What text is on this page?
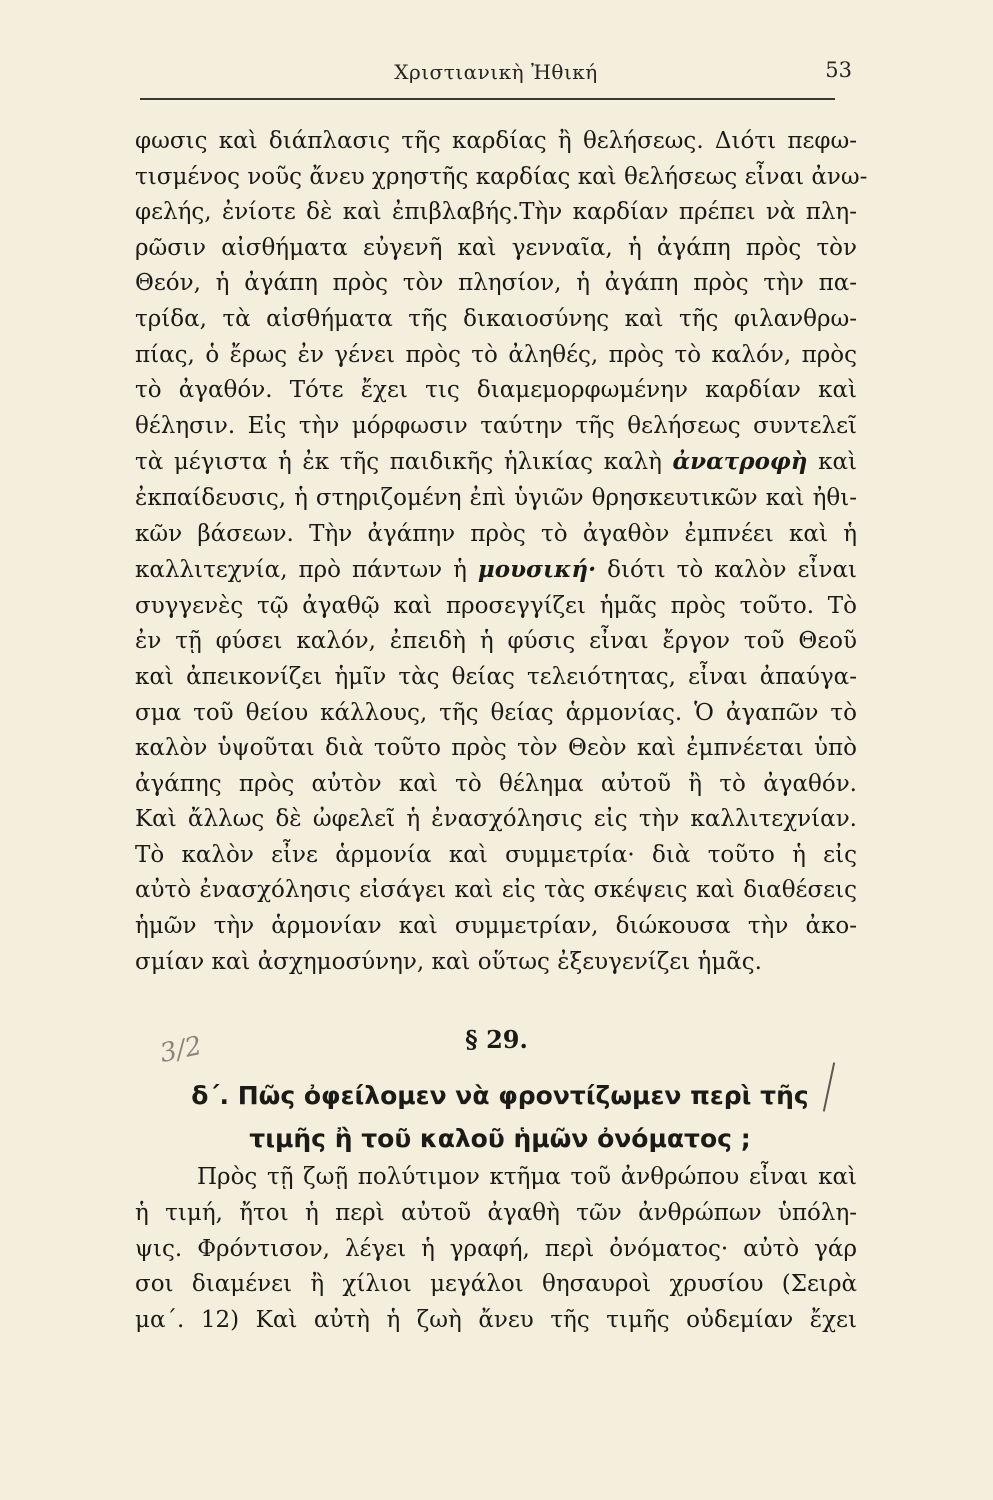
Χριστιανικὴ Ἠθική	53
φωσις καὶ διάπλασις τῆς καρδίας ἢ θελήσεως. Διότι πεφω-
τισμένος νοῦς ἄνευ χρηστῆς καρδίας καὶ θελήσεως εἶναι ἀνω-
φελής, ἐνίοτε δὲ καὶ ἐπιβλαβής.Τὴν καρδίαν πρέπει νὰ πλη-
ρῶσιν αἰσθήματα εὐγενῆ καὶ γενναῖα, ἡ ἀγάπη πρὸς τὸν
Θεόν, ἡ ἀγάπη πρὸς τὸν πλησίον, ἡ ἀγάπη πρὸς τὴν πα-
τρίδα, τὰ αἰσθήματα τῆς δικαιοσύνης καὶ τῆς φιλανθρω-
πίας, ὁ ἔρως ἐν γένει πρὸς τὸ ἀληθές, πρὸς τὸ καλόν, πρὸς
τὸ ἀγαθόν. Τότε ἔχει τις διαμεμορφωμένην καρδίαν καὶ
θέλησιν. Εἰς τὴν μόρφωσιν ταύτην τῆς θελήσεως συντελεῖ
τὰ μέγιστα ἡ ἐκ τῆς παιδικῆς ἡλικίας καλὴ ἀνατροφὴ καὶ
ἐκπαίδευσις, ἡ στηριζομένη ἐπὶ ὑγιῶν θρησκευτικῶν καὶ ἠθι-
κῶν βάσεων. Τὴν ἀγάπην πρὸς τὸ ἀγαθὸν ἐμπνέει καὶ ἡ
καλλιτεχνία, πρὸ πάντων ἡ μουσική· διότι τὸ καλὸν εἶναι
συγγενὲς τῷ ἀγαθῷ καὶ προσεγγίζει ἡμᾶς πρὸς τοῦτο. Τὸ
ἐν τῇ φύσει καλόν, ἐπειδὴ ἡ φύσις εἶναι ἔργον τοῦ Θεοῦ
καὶ ἀπεικονίζει ἡμῖν τὰς θείας τελειότητας, εἶναι ἀπαύγα-
σμα τοῦ θείου κάλλους, τῆς θείας ἁρμονίας. Ὁ ἀγαπῶν τὸ
καλὸν ὑψοῦται διὰ τοῦτο πρὸς τὸν Θεὸν καὶ ἐμπνέεται ὑπὸ
ἀγάπης πρὸς αὐτὸν καὶ τὸ θέλημα αὐτοῦ ἢ τὸ ἀγαθόν.
Καὶ ἄλλως δὲ ὠφελεῖ ἡ ἐνασχόλησις εἰς τὴν καλλιτεχνίαν.
Τὸ καλὸν εἶνε ἁρμονία καὶ συμμετρία· διὰ τοῦτο ἡ εἰς
αὐτὸ ἐνασχόλησις εἰσάγει καὶ εἰς τὰς σκέψεις καὶ διαθέσεις
ἡμῶν τὴν ἁρμονίαν καὶ συμμετρίαν, διώκουσα τὴν ἀκο-
σμίαν καὶ ἀσχημοσύνην, καὶ οὕτως ἐξευγενίζει ἡμᾶς.
3/2	§ 29.
δ΄. Πῶς ὀφείλομεν νὰ φροντίζωμεν περὶ τῆς
τιμῆς ἢ τοῦ καλοῦ ἡμῶν ὀνόματος ;
Πρὸς τῇ ζωῇ πολύτιμον κτῆμα τοῦ ἀνθρώπου εἶναι καὶ
ἡ τιμή, ἤτοι ἡ περὶ αὐτοῦ ἀγαθὴ τῶν ἀνθρώπων ὑπόλη-
ψις. Φρόντισον, λέγει ἡ γραφή, περὶ ὀνόματος· αὐτὸ γάρ
σοι διαμένει ἢ χίλιοι μεγάλοι θησαυροὶ χρυσίου (Σειρὰ
μα΄. 12) Καὶ αὐτὴ ἡ ζωὴ ἄνευ τῆς τιμῆς οὐδεμίαν ἔχει
